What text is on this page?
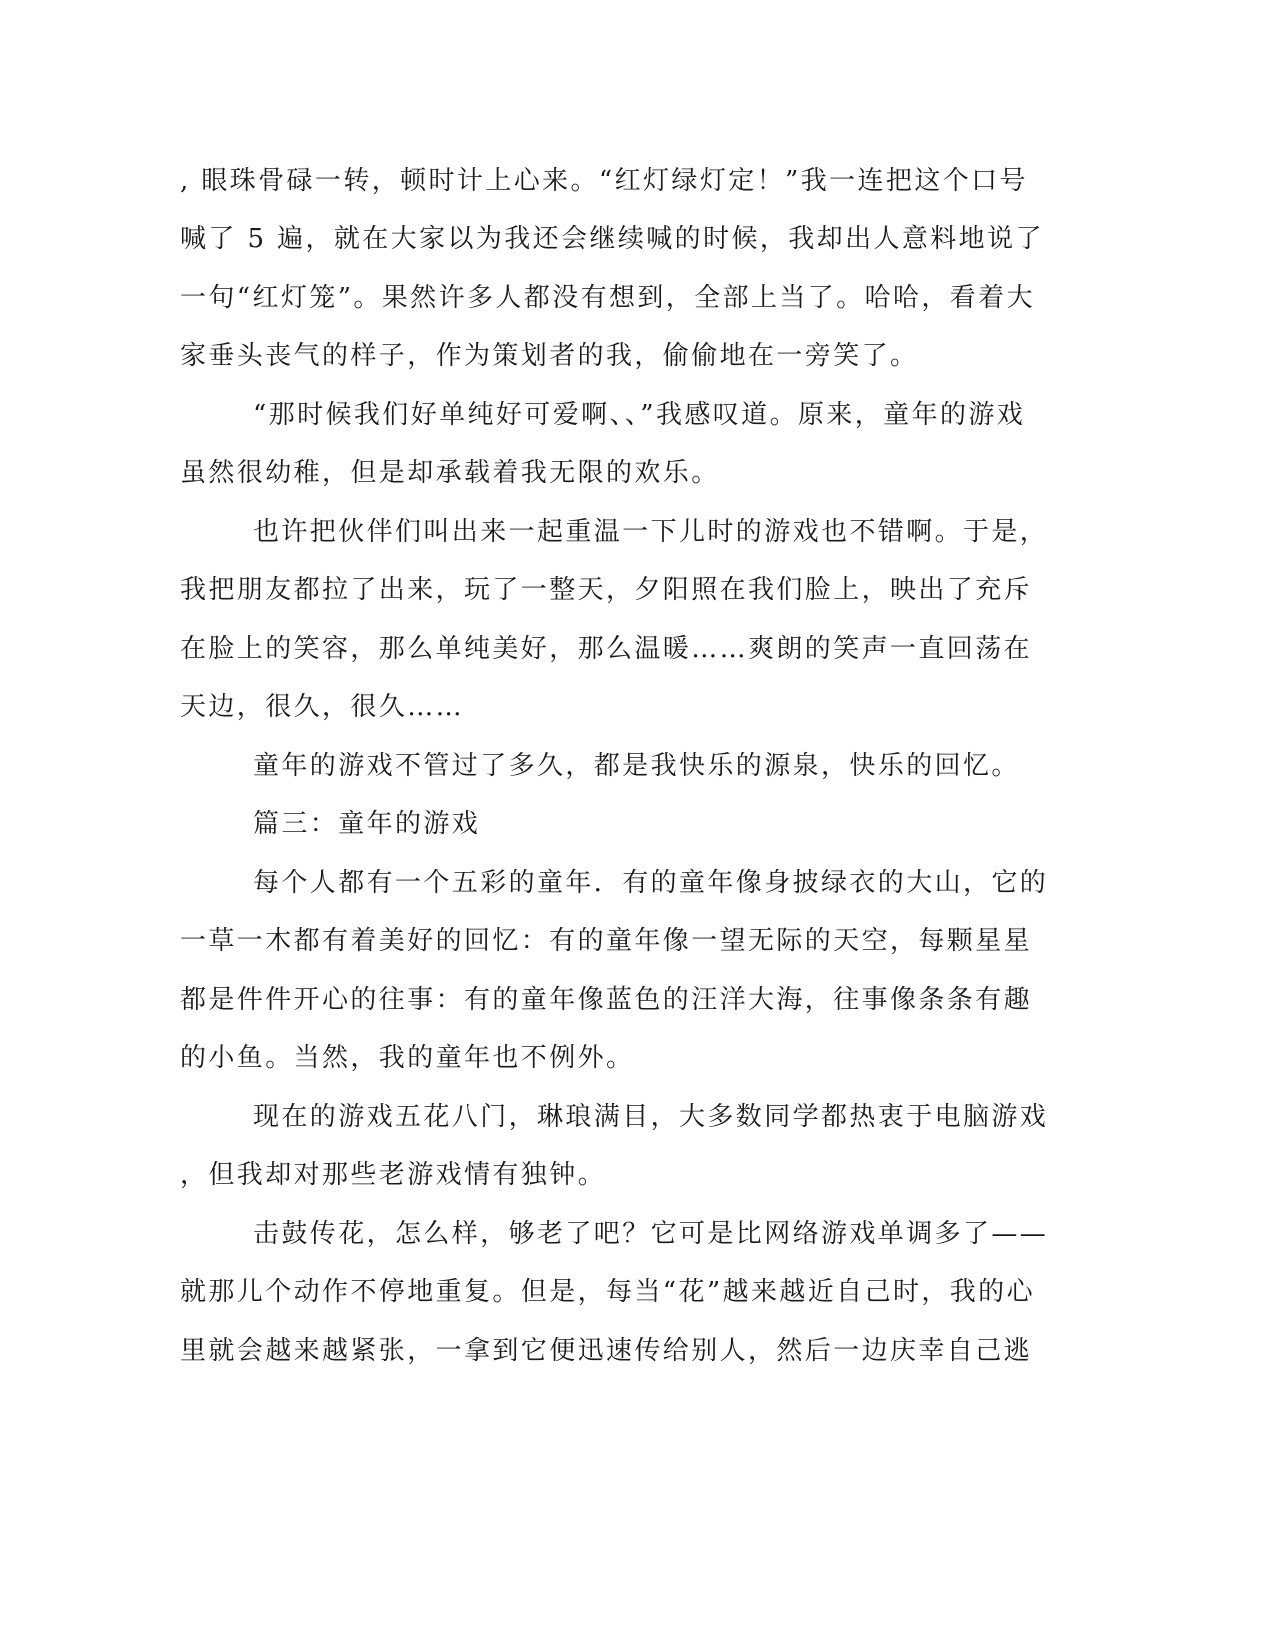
, 眼珠骨碌一转，顿时计上心来。“红灯绿灯定！”我一连把这个口号
喊了 5 遍，就在大家以为我还会继续喊的时候，我却出人意料地说了
一句“红灯笼”。果然许多人都没有想到，全部上当了。哈哈，看着大
家垂头丧气的样子，作为策划者的我，偷偷地在一旁笑了。
“那时候我们好单纯好可爱啊、、”我感叹道。原来，童年的游戏
虽然很幼稚，但是却承载着我无限的欢乐。
也许把伙伴们叫出来一起重温一下儿时的游戏也不错啊。于是，
我把朋友都拉了出来，玩了一整天，夕阳照在我们脸上，映出了充斥
在脸上的笑容，那么单纯美好，那么温暖……爽朗的笑声一直回荡在
天边，很久，很久……
童年的游戏不管过了多久，都是我快乐的源泉，快乐的回忆。
篇三：童年的游戏
每个人都有一个五彩的童年．有的童年像身披绿衣的大山，它的
一草一木都有着美好的回忆：有的童年像一望无际的天空，每颗星星
都是件件开心的往事：有的童年像蓝色的汪洋大海，往事像条条有趣
的小鱼。当然，我的童年也不例外。
现在的游戏五花八门，琳琅满目，大多数同学都热衷于电脑游戏
，但我却对那些老游戏情有独钟。
击鼓传花，怎么样，够老了吧？它可是比网络游戏单调多了——
就那儿个动作不停地重复。但是，每当“花”越来越近自己时，我的心
里就会越来越紧张，一拿到它便迅速传给别人，然后一边庆幸自己逃
